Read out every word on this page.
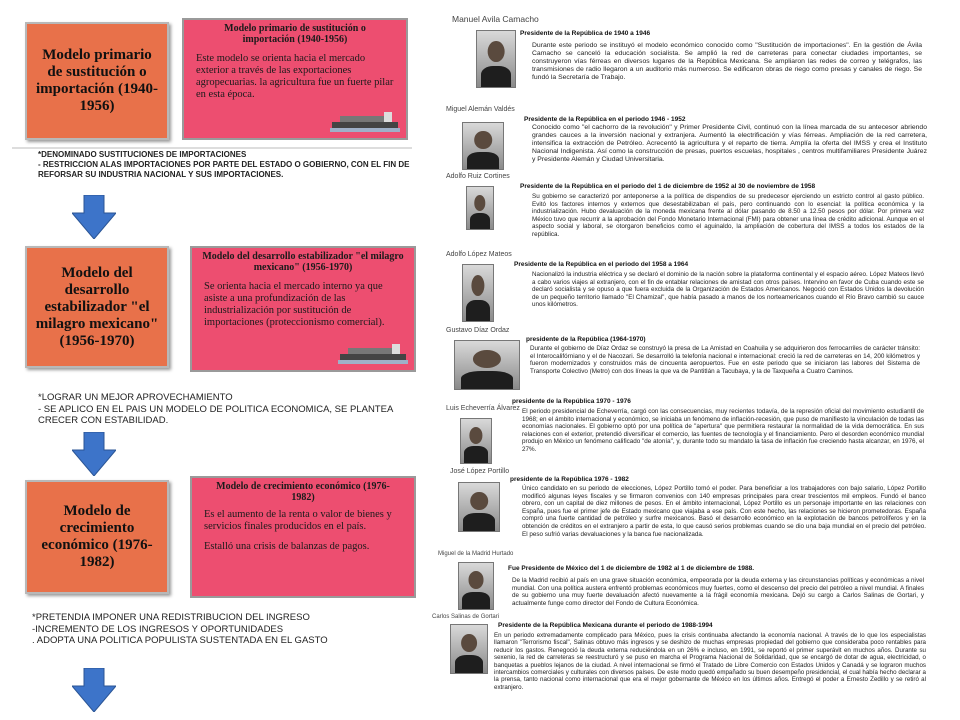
Modelo primario de sustitución o importación (1940-1956)
Modelo primario de sustitución o importación (1940-1956)
Este modelo se orienta hacia el mercado exterior a través de las exportaciones agropecuarias. la agricultura fue un fuerte pilar en esta época.
*DENOMINADO SUSTITUCIONES DE IMPORTACIONES
- RESTRICCION ALAS IMPORTACIONES POR PARTE DEL ESTADO O GOBIERNO, CON EL FIN DE REFORSAR SU INDUSTRIA NACIONAL Y SUS IMPORTACIONES.
Modelo del desarrollo estabilizador "el milagro mexicano" (1956-1970)
Modelo del desarrollo estabilizador "el milagro mexicano" (1956-1970)
Se orienta hacia el mercado interno ya que asiste a una profundización de las industrialización por sustitución de importaciones (proteccionismo comercial).
*LOGRAR UN MEJOR APROVECHAMIENTO
- SE APLICO EN EL PAIS UN MODELO DE POLITICA ECONOMICA, SE PLANTEA CRECER CON ESTABILIDAD.
Modelo de crecimiento económico (1976-1982)
Modelo de crecimiento económico (1976-1982)
Es el aumento de la renta o valor de bienes y servicios finales producidos en el país.
Estalló una crisis de balanzas de pagos.
*PRETENDIA IMPONER UNA REDISTRIBUCION DEL INGRESO
-INCREMENTO DE LOS INGRESOS Y OPORTUNIDADES
. ADOPTA UNA POLITICA POPULISTA SUSTENTADA EN EL GASTO
Manuel Avila Camacho
Presidente de la República de 1940 a 1946
Durante este periodo se instituyó el modelo económico conocido como "Sustitución de importaciones". En la gestión de Ávila Camacho se canceló la educación socialista. Se amplió la red de carreteras para conectar ciudades importantes, se construyeron vías férreas en diversos lugares de la República Mexicana. Se ampliaron las redes de correo y telégrafos, las transmisiones de radio llegaron a un auditorio más numeroso. Se edificaron obras de riego como presas y canales de riego. Se fundó la Secretaría de Trabajo.
Miguel Alemán Valdés
Presidente de la República en el periodo 1946 - 1952
Conocido como "el cachorro de la revolución" y Primer Presidente Civil, continuó con la línea marcada de su antecesor abriendo grandes cauces a la inversión nacional y extranjera. Aumentó la electrificación y vías férreas. Ampliación de la red carretera, intensifica la extracción de Petróleo. Acrecentó la agricultura y el reparto de tierra. Amplía la oferta del IMSS y crea el Instituto Nacional Indigenista. Así como la construcción de presas, puertos escuelas, hospitales , centros multifamiliares Presidente Juárez y Presidente Alemán y Ciudad Universitaria.
Adolfo Ruiz Cortines
Presidente de la República en el periodo del 1 de diciembre de 1952 al 30 de noviembre de 1958
Su gobierno se caracterizó por anteponerse a la política de dispendios de su predecesor ejerciendo un estricto control al gasto público. Evitó los factores internos y externos que desestabilizaban el país, pero continuando con lo esencial: la política económica y la industrialización. Hubo devaluación de la moneda mexicana frente al dólar pasando de 8.50 a 12.50 pesos por dólar. Por primera vez México tuvo que recurrir a la aprobación del Fondo Monetario Internacional (FMI) para obtener una línea de crédito adicional. Aunque en el aspecto social y laboral, se otorgaron beneficios como el aguinaldo, la ampliación de cobertura del IMSS a todos los estados de la república.
Adolfo López Mateos
Presidente de la República en el periodo del 1958 a 1964
Nacionalizó la industria eléctrica y se declaró el dominio de la nación sobre la plataforma continental y el espacio aéreo. López Mateos llevó a cabo varios viajes al extranjero, con el fin de entablar relaciones de amistad con otros países. Intervino en favor de Cuba cuando este se declaró socialista y se opuso a que fuera excluida de la Organización de Estados Americanos. Negoció con Estados Unidos la devolución de un pequeño territorio llamado "El Chamizal", que había pasado a manos de los norteamericanos cuando el Río Bravo cambió su cauce unos kilómetros.
Gustavo Díaz Ordaz
presidente de la República (1964-1970)
Durante el gobierno de Díaz Ordaz se construyó la presa de La Amistad en Coahuila y se adquirieron dos ferrocarriles de carácter tránsito: el Interocalifórniano y el de Nacozari. Se desarrolló la telefonía nacional e internacional: creció la red de carreteras en 14, 200 kilómetros y fueron modernizados y construidos más de cincuenta aeropuertos. Fue en este periodo que se iniciaron las labores del Sistema de Transporte Colectivo (Metro) con dos líneas la que va de Pantitlán a Tacubaya, y la de Taxqueña a Cuatro Caminos.
Luis Echeverría Álvarez
presidente de la República 1970 - 1976
El periodo presidencial de Echeverría, cargó con las consecuencias, muy recientes todavía, de la represión oficial del movimiento estudiantil de 1968; en el ámbito internacional y económico, se iniciaba un fenómeno de inflación-recesión, que puso de manifiesto la vinculación de todas las economías nacionales. El gobierno optó por una política de "apertura" que permitiera restaurar la normalidad de la vida democrática. En sus relaciones con el exterior, pretendió diversificar el comercio, las fuentes de tecnología y el financiamiento. Pero el desorden económico mundial produjo en México un fenómeno calificado "de atonía", y, durante todo su mandato la tasa de inflación fue creciendo hasta alcanzar, en 1976, el 27%.
José López Portillo
presidente de la República 1976 - 1982
Único candidato en su periodo de elecciones, López Portillo tomó el poder. Para beneficiar a los trabajadores con bajo salario, López Portillo modificó algunas leyes fiscales y se firmaron convenios con 140 empresas principales para crear trescientos mil empleos. Fundó el banco obrero, con un capital de diez millones de pesos. En el ámbito internacional, López Portillo es un personaje importante en las relaciones con España, pues fue el primer jefe de Estado mexicano que viajaba a ese país. Con este hecho, las relaciones se hicieron prometedoras. España compró una fuerte cantidad de petróleo y surfre mexicanos. Basó el desarrollo económico en la explotación de bancos petrolíferos y en la obtención de créditos en el extranjero a partir de esta, lo que causó serios problemas cuando se dio una baja mundial en el precio del petróleo. El peso sufrió varias devaluaciones y la banca fue nacionalizada.
Miguel de la Madrid Hurtado
Fue Presidente de México del 1 de diciembre de 1982 al 1 de diciembre de 1988.
De la Madrid recibió al país en una grave situación económica, empeorada por la deuda externa y las circunstancias políticas y económicas a nivel mundial. Con una política austera enfrentó problemas económicos muy fuertes, como el descenso del precio del petróleo a nivel mundial. A finales de su gobierno una muy fuerte devaluación afectó nuevamente a la frágil economía mexicana. Dejó su cargo a Carlos Salinas de Gortari, y actualmente funge como director del Fondo de Cultura Económica.
Carlos Salinas de Gortari
Presidente de la República Mexicana durante el periodo de 1988-1994
En un periodo extremadamente complicado para México, pues la crisis continuaba afectando la economía nacional. A través de lo que los especialistas llamaron "Terrorismo fiscal", Salinas obtuvo más ingresos y se deshizo de muchas empresas propiedad del gobierno que consideraba poco rentables para reducir los gastos. Renegoció la deuda externa reduciéndola en un 26% e incluso, en 1991, se reportó el primer superávit en muchos años. Durante su sexenio, la red de carreteras se reestructuró y se puso en marcha el Programa Nacional de Solidaridad, que se encargó de dotar de agua, electricidad, o banquetas a pueblos lejanos de la ciudad. A nivel internacional se firmó el Tratado de Libre Comercio con Estados Unidos y Canadá y se lograron muchos intercambios comerciales y culturales con diversos países. De este modo quedó empañado su buen desempeño presidencial, el cual había hecho declarar a la prensa, tanto nacional como internacional que era el mejor gobernante de México en los últimos años. Entregó el poder a Ernesto Zedillo y se retiró al extranjero.
